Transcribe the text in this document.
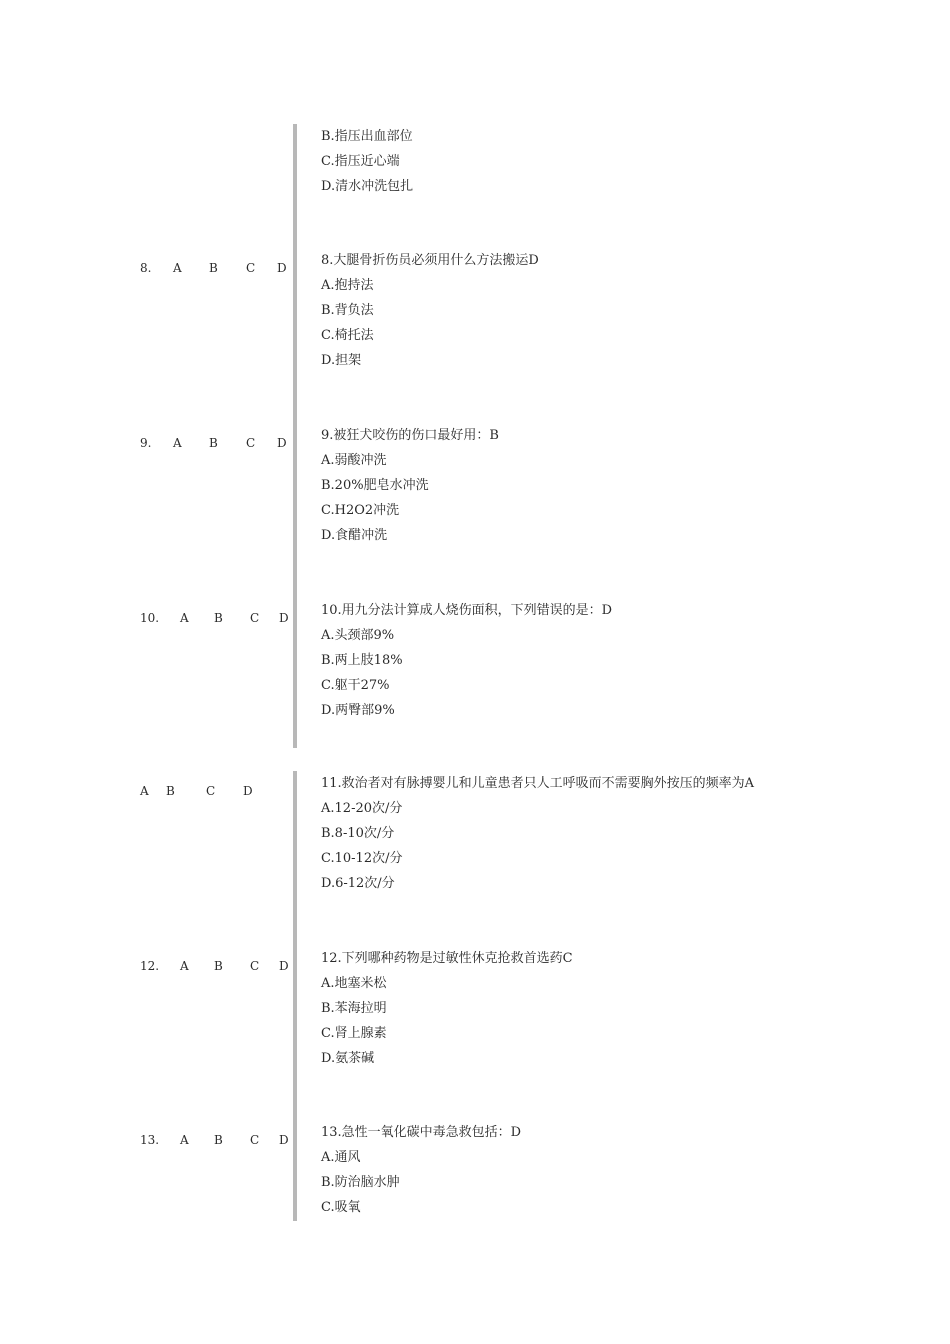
B.指压出血部位
C.指压近心端
D.清水冲洗包扎
8. A B C D	8.大腿骨折伤员必须用什么方法搬运D
A.抱持法
B.背负法
C.椅托法
D.担架
9. A B C D	9.被狂犬咬伤的伤口最好用：B
A.弱酸冲洗
B.20%肥皂水冲洗
C.H2O2冲洗
D.食醋冲洗
10. A B C D 10.用九分法计算成人烧伤面积，下列错误的是：D
A.头颈部9%
B.两上肢18%
C.躯干27%
D.两臀部9%
A B	C D	11.救治者对有脉搏婴儿和儿童患者只人工呼吸而不需要胸外按压的频率为A
A.12-20次/分
B.8-10次/分
C.10-12次/分
D.6-12次/分
12. A B C D 12.下列哪种药物是过敏性休克抢救首选药C
A.地塞米松
B.苯海拉明
C.肾上腺素
D.氨茶碱
13. A B C D 13.急性一氧化碳中毒急救包括：D
A.通风
B.防治脑水肿
C.吸氧
